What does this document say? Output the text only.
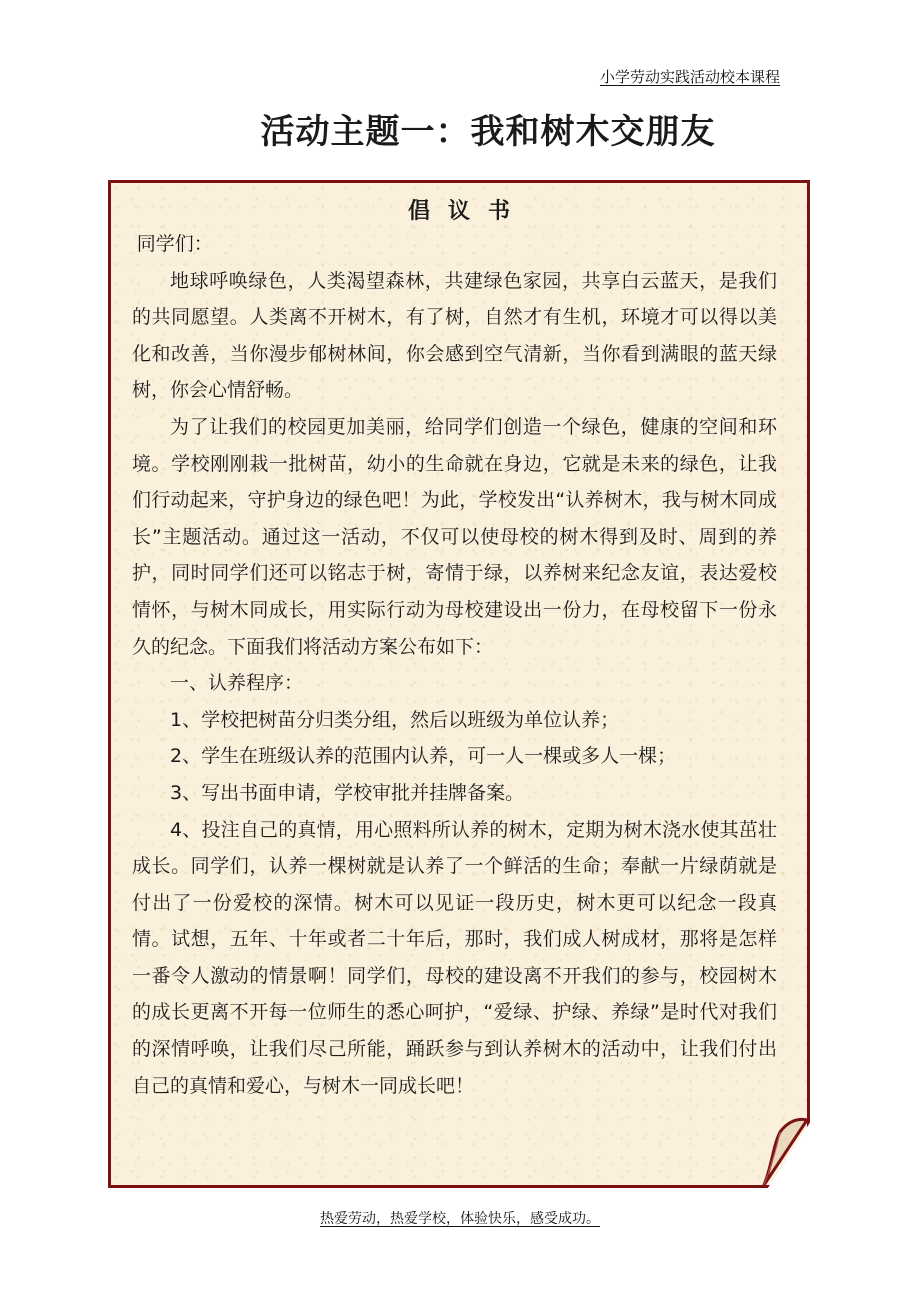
小学劳动实践活动校本课程
活动主题一：我和树木交朋友
倡议书

同学们：

地球呼唤绿色，人类渴望森林，共建绿色家园，共享白云蓝天，是我们的共同愿望。人类离不开树木，有了树，自然才有生机，环境才可以得以美化和改善，当你漫步郁树林间，你会感到空气清新，当你看到满眼的蓝天绿树，你会心情舒畅。

为了让我们的校园更加美丽，给同学们创造一个绿色，健康的空间和环境。学校刚刚栽一批树苗，幼小的生命就在身边，它就是未来的绿色，让我们行动起来，守护身边的绿色吧！为此，学校发出“认养树木，我与树木同成长”主题活动。通过这一活动，不仅可以使母校的树木得到及时、周到的养护，同时同学们还可以铭志于树，寄情于绿，以养树来纪念友谊，表达爱校情怀，与树木同成长，用实际行动为母校建设出一份力，在母校留下一份永久的纪念。下面我们将活动方案公布如下：

一、认养程序：

1、学校把树苗分归类分组，然后以班级为单位认养；

2、学生在班级认养的范围内认养，可一人一棵或多人一棵；

3、写出书面申请，学校审批并挂牌备案。

4、投注自己的真情，用心照料所认养的树木，定期为树木浇水使其茁壮成长。同学们，认养一棵树就是认养了一个鲜活的生命；奉献一片绿荫就是付出了一份爱校的深情。树木可以见证一段历史，树木更可以纪念一段真情。试想，五年、十年或者二十年后，那时，我们成人树成材，那将是怎样一番令人激动的情景啊！同学们，母校的建设离不开我们的参与，校园树木的成长更离不开每一位师生的悉心呵护，“爱绿、护绿、养绿”是时代对我们的深情呼唤，让我们尽己所能，踊跃参与到认养树木的活动中，让我们付出自己的真情和爱心，与树木一同成长吧！

热爱劳动，热爱学校，体验快乐，感受成功。
